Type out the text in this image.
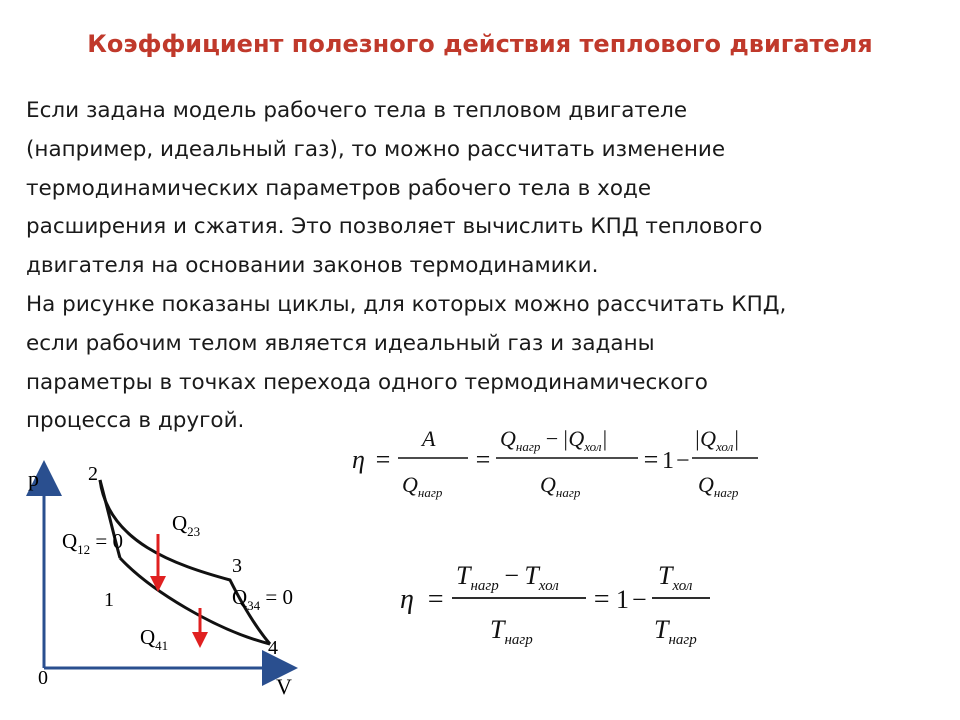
Коэффициент полезного действия теплового двигателя
Если задана модель рабочего тела в тепловом двигателе
(например, идеальный газ), то можно рассчитать изменение
термодинамических параметров рабочего тела в ходе
расширения и сжатия. Это позволяет вычислить КПД теплового
двигателя на основании законов термодинамики.
На рисунке показаны циклы, для которых можно рассчитать КПД,
если рабочим телом является идеальный газ и заданы
параметры в точках перехода одного термодинамического
процесса в другой.
p
V
0
2
3
4
1
$Q_{12} = 0$
$Q_{23}$
$Q_{34} = 0$
$Q_{41}$
η =
A
$Q_{нагр}$
=
$Q_{нагр} - |Q_{хол}|$
$Q_{нагр}$
= 1 −
$|Q_{хол}|$
$Q_{нагр}$
η =
$T_{нагр} - T_{хол}$
$T_{нагр}$
= 1 −
$T_{хол}$
$T_{нагр}$
